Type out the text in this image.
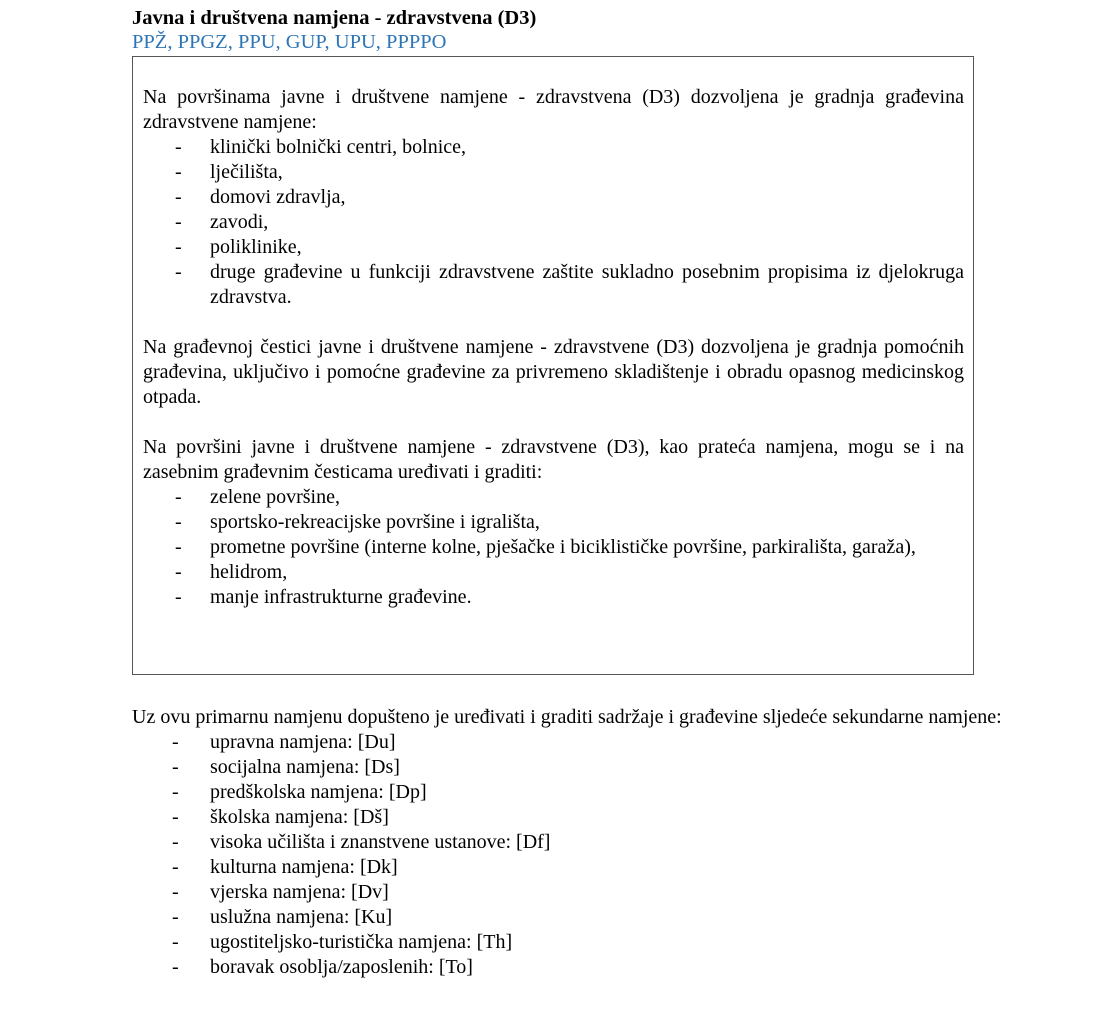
Javna i društvena namjena - zdravstvena (D3)

PPŽ, PPGZ, PPU, GUP, UPU, PPPPO

Na površinama javne i društvene namjene - zdravstvena (D3) dozvoljena je gradnja građevina zdravstvene namjene:

- klinički bolnički centri, bolnice,
- lječilišta,
- domovi zdravlja,
- zavodi,
- poliklinike,
- druge građevine u funkciji zdravstvene zaštite sukladno posebnim propisima iz djelokruga zdravstva.

Na građevnoj čestici javne i društvene namjene - zdravstvene (D3) dozvoljena je gradnja pomoćnih građevina, uključivo i pomoćne građevine za privremeno skladištenje i obradu opasnog medicinskog otpada.

Na površini javne i društvene namjene - zdravstvene (D3), kao prateća namjena, mogu se i na zasebnim građevnim česticama uređivati i graditi:

- zelene površine,
- sportsko-rekreacijske površine i igrališta,
- prometne površine (interne kolne, pješačke i biciklističke površine, parkirališta, garaža),
- helidrom,
- manje infrastrukturne građevine.

Uz ovu primarnu namjenu dopušteno je uređivati i graditi sadržaje i građevine sljedeće sekundarne namjene:

- upravna namjena: [Du]
- socijalna namjena: [Ds]
- predškolska namjena: [Dp]
- školska namjena: [Dš]
- visoka učilišta i znanstvene ustanove: [Df]
- kulturna namjena: [Dk]
- vjerska namjena: [Dv]
- uslužna namjena: [Ku]
- ugostiteljsko-turistička namjena: [Th]
- boravak osoblja/zaposlenih: [To]
